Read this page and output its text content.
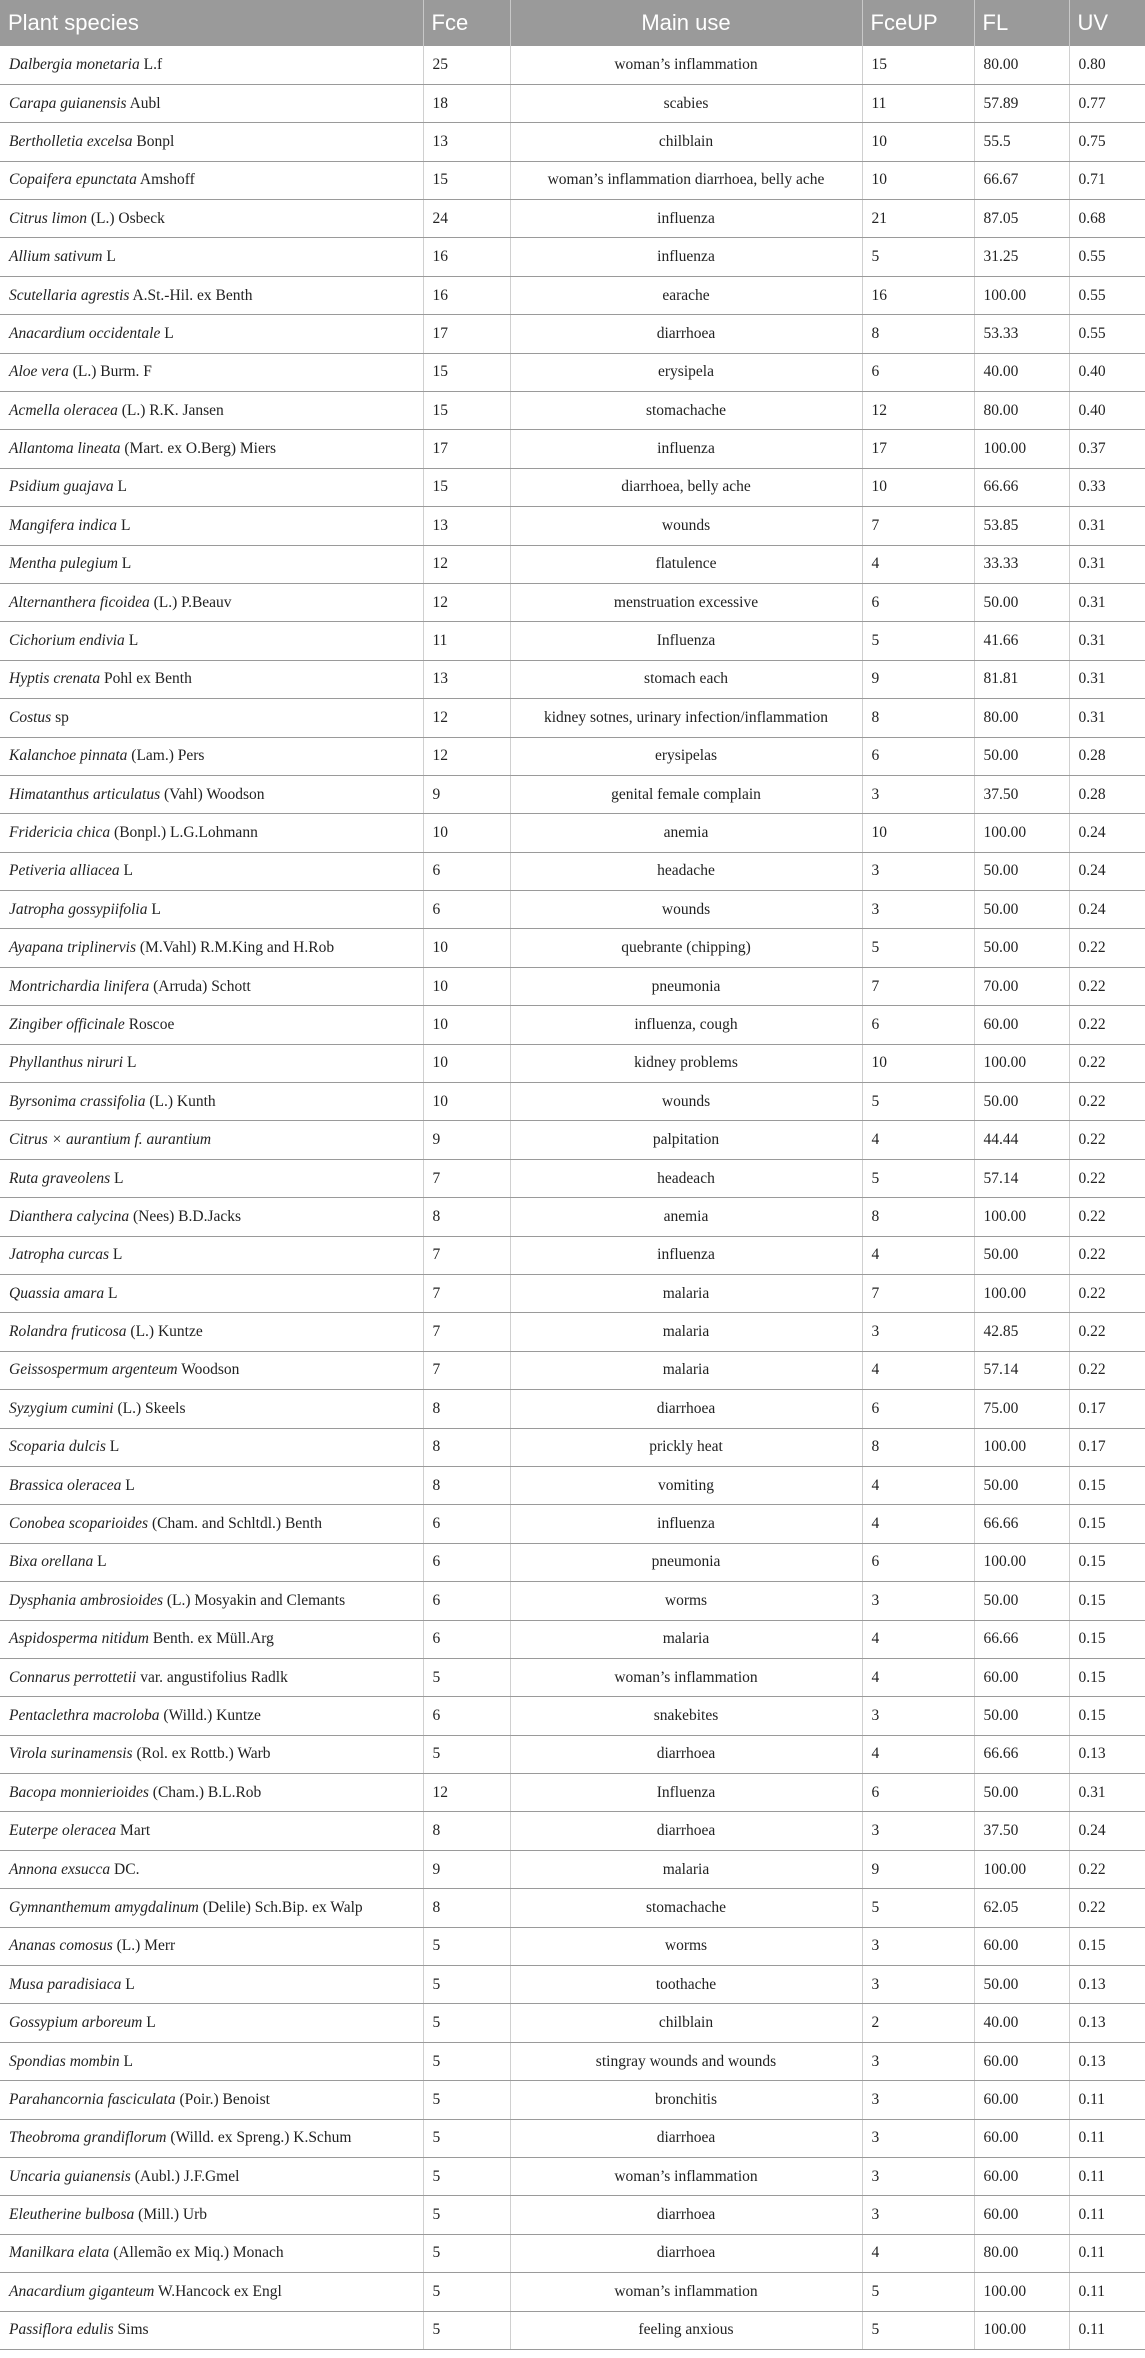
Plant species	Fce	Main use	FceUP	FL	UV
Dalbergia monetaria L.f	25	woman’s inflammation	15	80.00	0.80
Carapa guianensis Aubl	18	scabies	11	57.89	0.77
Bertholletia excelsa Bonpl	13	chilblain	10	55.5	0.75
Copaifera epunctata Amshoff	15	woman’s inflammation diarrhoea, belly ache	10	66.67	0.71
Citrus limon (L.) Osbeck	24	influenza	21	87.05	0.68
Allium sativum L	16	influenza	5	31.25	0.55
Scutellaria agrestis A.St.-Hil. ex Benth	16	earache	16	100.00	0.55
Anacardium occidentale L	17	diarrhoea	8	53.33	0.55
Aloe vera (L.) Burm. F	15	erysipela	6	40.00	0.40
Acmella oleracea (L.) R.K. Jansen	15	stomachache	12	80.00	0.40
Allantoma lineata (Mart. ex O.Berg) Miers	17	influenza	17	100.00	0.37
Psidium guajava L	15	diarrhoea, belly ache	10	66.66	0.33
Mangifera indica L	13	wounds	7	53.85	0.31
Mentha pulegium L	12	flatulence	4	33.33	0.31
Alternanthera ficoidea (L.) P.Beauv	12	menstruation excessive	6	50.00	0.31
Cichorium endivia L	11	Influenza	5	41.66	0.31
Hyptis crenata Pohl ex Benth	13	stomach each	9	81.81	0.31
Costus sp	12	kidney sotnes, urinary infection/inflammation	8	80.00	0.31
Kalanchoe pinnata (Lam.) Pers	12	erysipelas	6	50.00	0.28
Himatanthus articulatus (Vahl) Woodson	9	genital female complain	3	37.50	0.28
Fridericia chica (Bonpl.) L.G.Lohmann	10	anemia	10	100.00	0.24
Petiveria alliacea L	6	headache	3	50.00	0.24
Jatropha gossypiifolia L	6	wounds	3	50.00	0.24
Ayapana triplinervis (M.Vahl) R.M.King and H.Rob	10	quebrante (chipping)	5	50.00	0.22
Montrichardia linifera (Arruda) Schott	10	pneumonia	7	70.00	0.22
Zingiber officinale Roscoe	10	influenza, cough	6	60.00	0.22
Phyllanthus niruri L	10	kidney problems	10	100.00	0.22
Byrsonima crassifolia (L.) Kunth	10	wounds	5	50.00	0.22
Citrus × aurantium f. aurantium	9	palpitation	4	44.44	0.22
Ruta graveolens L	7	headeach	5	57.14	0.22
Dianthera calycina (Nees) B.D.Jacks	8	anemia	8	100.00	0.22
Jatropha curcas L	7	influenza	4	50.00	0.22
Quassia amara L	7	malaria	7	100.00	0.22
Rolandra fruticosa (L.) Kuntze	7	malaria	3	42.85	0.22
Geissospermum argenteum Woodson	7	malaria	4	57.14	0.22
Syzygium cumini (L.) Skeels	8	diarrhoea	6	75.00	0.17
Scoparia dulcis L	8	prickly heat	8	100.00	0.17
Brassica oleracea L	8	vomiting	4	50.00	0.15
Conobea scoparioides (Cham. and Schltdl.) Benth	6	influenza	4	66.66	0.15
Bixa orellana L	6	pneumonia	6	100.00	0.15
Dysphania ambrosioides (L.) Mosyakin and Clemants	6	worms	3	50.00	0.15
Aspidosperma nitidum Benth. ex Müll.Arg	6	malaria	4	66.66	0.15
Connarus perrottetii var. angustifolius Radlk	5	woman’s inflammation	4	60.00	0.15
Pentaclethra macroloba (Willd.) Kuntze	6	snakebites	3	50.00	0.15
Virola surinamensis (Rol. ex Rottb.) Warb	5	diarrhoea	4	66.66	0.13
Bacopa monnierioides (Cham.) B.L.Rob	12	Influenza	6	50.00	0.31
Euterpe oleracea Mart	8	diarrhoea	3	37.50	0.24
Annona exsucca DC.	9	malaria	9	100.00	0.22
Gymnanthemum amygdalinum (Delile) Sch.Bip. ex Walp	8	stomachache	5	62.05	0.22
Ananas comosus (L.) Merr	5	worms	3	60.00	0.15
Musa paradisiaca L	5	toothache	3	50.00	0.13
Gossypium arboreum L	5	chilblain	2	40.00	0.13
Spondias mombin L	5	stingray wounds and wounds	3	60.00	0.13
Parahancornia fasciculata (Poir.) Benoist	5	bronchitis	3	60.00	0.11
Theobroma grandiflorum (Willd. ex Spreng.) K.Schum	5	diarrhoea	3	60.00	0.11
Uncaria guianensis (Aubl.) J.F.Gmel	5	woman’s inflammation	3	60.00	0.11
Eleutherine bulbosa (Mill.) Urb	5	diarrhoea	3	60.00	0.11
Manilkara elata (Allemão ex Miq.) Monach	5	diarrhoea	4	80.00	0.11
Anacardium giganteum W.Hancock ex Engl	5	woman’s inflammation	5	100.00	0.11
Passiflora edulis Sims	5	feeling anxious	5	100.00	0.11
